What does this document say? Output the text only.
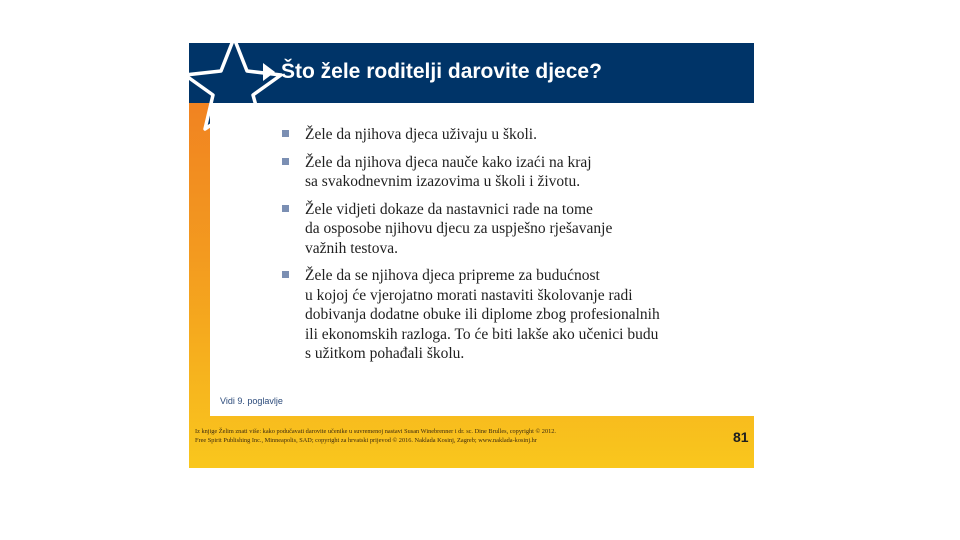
Što žele roditelji darovite djece?
Žele da njihova djeca uživaju u školi.
Žele da njihova djeca nauče kako izaći na kraj
sa svakodnevnim izazovima u školi i životu.
Žele vidjeti dokaze da nastavnici rade na tome
da osposobe njihovu djecu za uspješno rješavanje
važnih testova.
Žele da se njihova djeca pripreme za budućnost
u kojoj će vjerojatno morati nastaviti školovanje radi
dobivanja dodatne obuke ili diplome zbog profesionalnih
ili ekonomskih razloga. To će biti lakše ako učenici budu
s užitkom pohađali školu.
Vidi 9. poglavlje
Iz knjige Želim znati više: kako podučavati darovite učenike u suvremenoj nastavi Susan Winebrenner i dr. sc. Dine Brulles, copyright © 2012.
Free Spirit Publishing Inc., Minneapolis, SAD; copyright za hrvatski prijevod © 2016. Naklada Kosinj, Zagreb; www.naklada-kosinj.hr	81
